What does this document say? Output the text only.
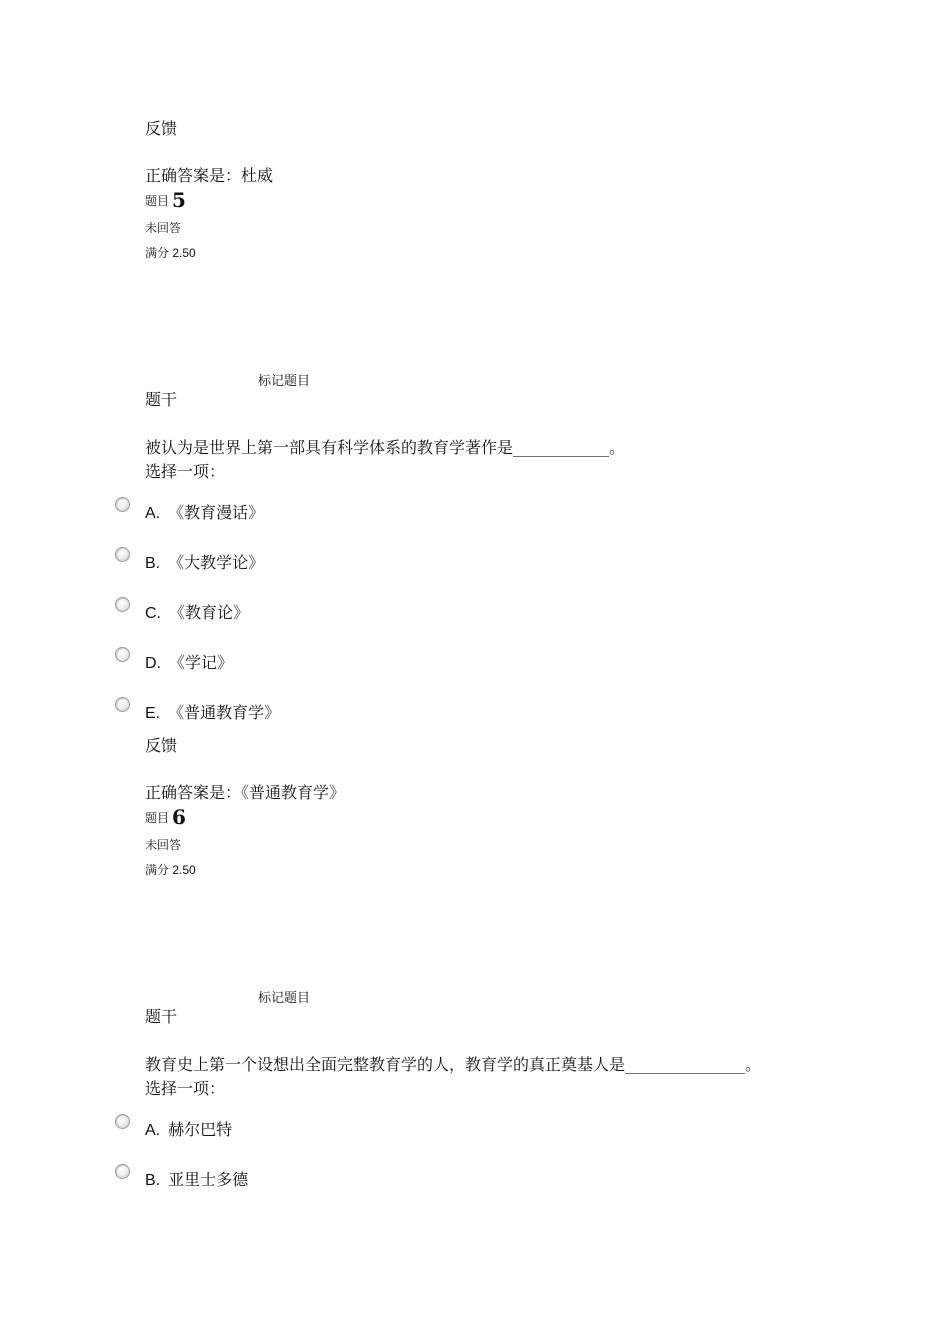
反馈
正确答案是：杜威
题目 5
未回答
满分 2.50
标记题目
题干
被认为是世界上第一部具有科学体系的教育学著作是____________。
选择一项：
A. 《教育漫话》
B. 《大教学论》
C. 《教育论》
D. 《学记》
E. 《普通教育学》
反馈
正确答案是：《普通教育学》
题目 6
未回答
满分 2.50
标记题目
题干
教育史上第一个设想出全面完整教育学的人，教育学的真正奠基人是_______________。
选择一项：
A. 赫尔巴特
B. 亚里士多德
